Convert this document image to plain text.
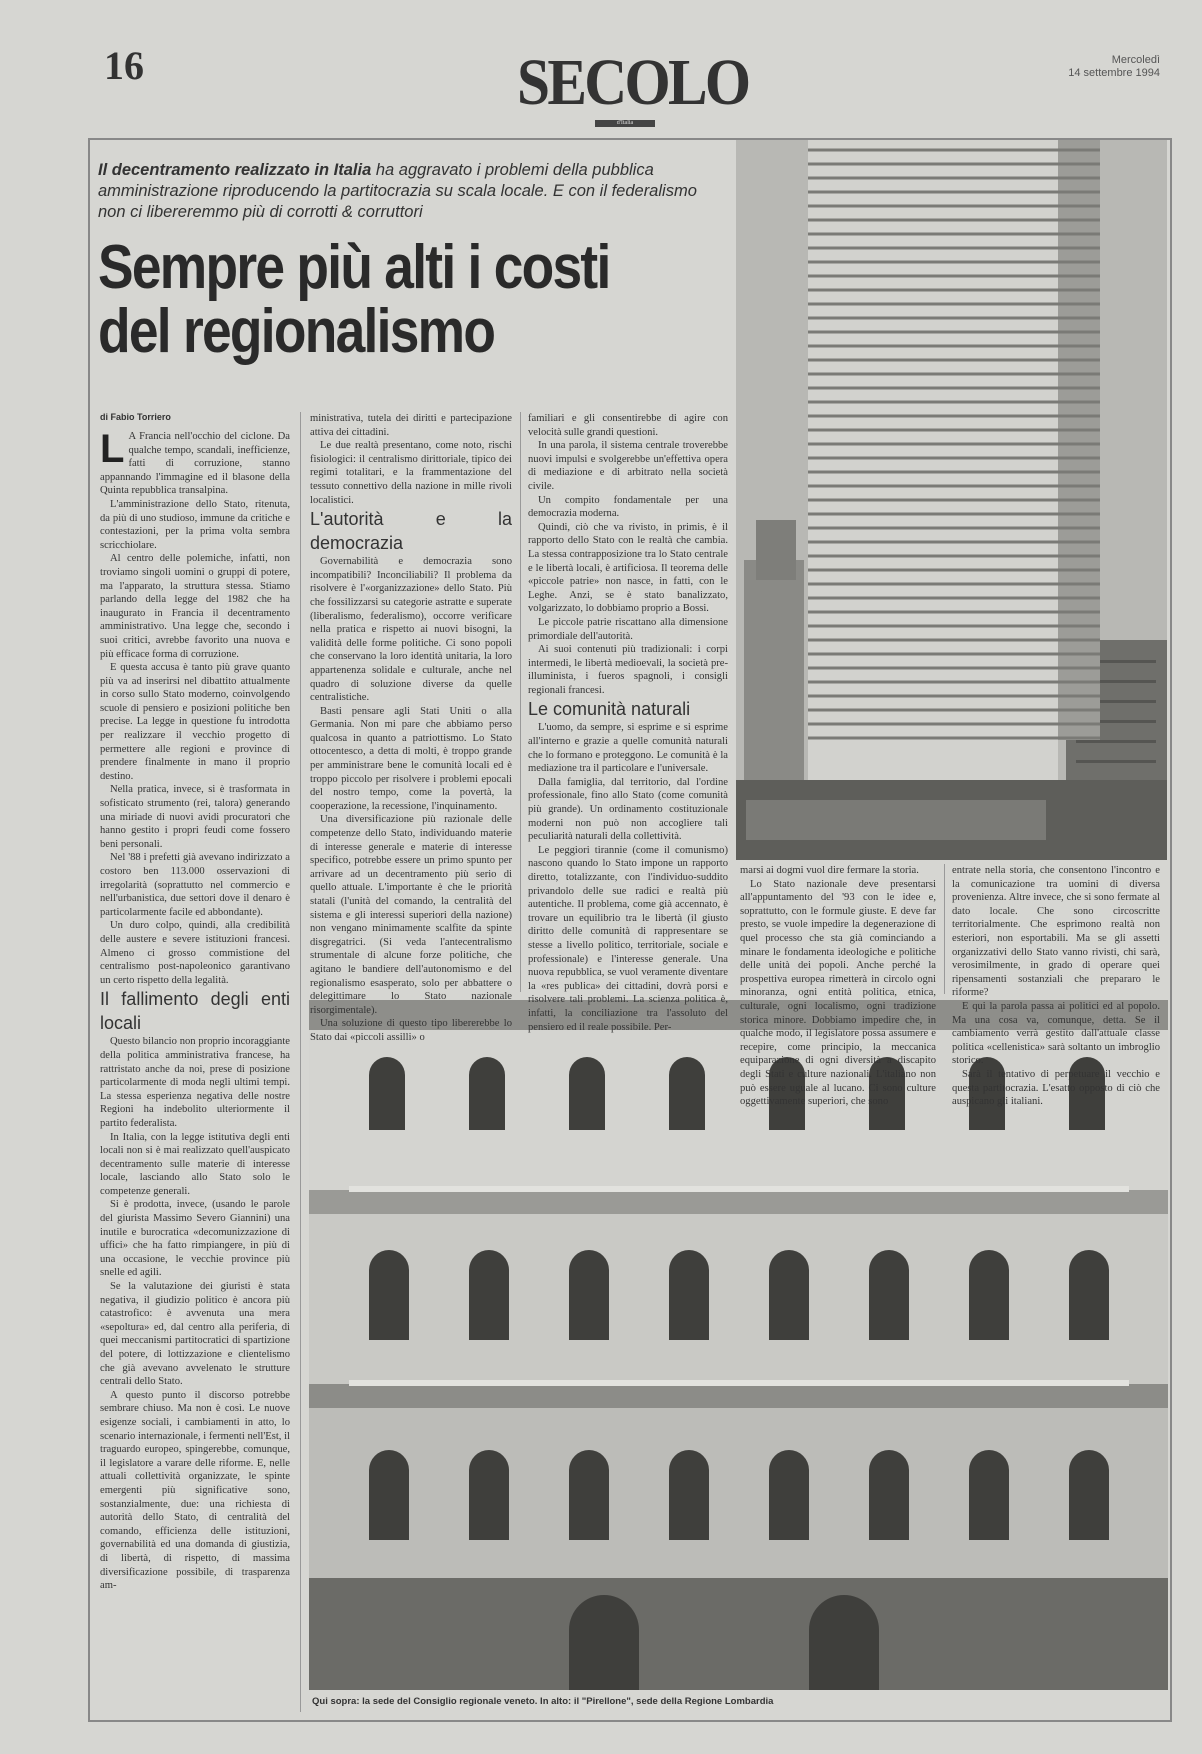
16	SECOLO
d'Italia
Mercoledì
14 settembre 1994
Il decentramento realizzato in Italia ha aggravato i problemi della pubblica amministrazione riproducendo la partitocrazia su scala locale. E con il federalismo non ci libereremmo più di corrotti & corruttori
Sempre più alti i costi del regionalismo
di Fabio Torriero

L A Francia nell'occhio del ciclone. Da qualche tempo, scandali, inefficienze, fatti di corruzione, stanno appannando l'immagine ed il blasone della Quinta repubblica transalpina.

L'amministrazione dello Stato, ritenuta, da più di uno studioso, immune da critiche e contestazioni, per la prima volta sembra scricchiolare.

Al centro delle polemiche, infatti, non troviamo singoli uomini o gruppi di potere, ma l'apparato, la struttura stessa. Stiamo parlando della legge del 1982 che ha inaugurato in Francia il decentramento amministrativo. Una legge che, secondo i suoi critici, avrebbe favorito una nuova e più efficace forma di corruzione.

E questa accusa è tanto più grave quanto più va ad inserirsi nel dibattito attualmente in corso sullo Stato moderno, coinvolgendo scuole di pensiero e posizioni politiche ben precise. La legge in questione fu introdotta per realizzare il vecchio progetto di permettere alle regioni e province di prendere finalmente in mano il proprio destino.

Nella pratica, invece, si è trasformata in sofisticato strumento (rei, talora) generando una miriade di nuovi avidi procuratori che hanno gestito i propri feudi come fossero beni personali.

Nel '88 i prefetti già avevano indirizzato a costoro ben 113.000 osservazioni di irregolarità (soprattutto nel commercio e nell'urbanistica, due settori dove il denaro è particolarmente facile ed abbondante).

Un duro colpo, quindi, alla credibilità delle austere e severe istituzioni francesi. Almeno ci grosso commistione del centralismo post-napoleonico garantivano un certo rispetto della legalità.

Il fallimento degli enti locali

Questo bilancio non proprio incoraggiante della politica amministrativa francese, ha rattristato anche da noi, prese di posizione particolarmente di moda negli ultimi tempi. La stessa esperienza negativa delle nostre Regioni ha indebolito ulteriormente il partito federalista.

In Italia, con la legge istitutiva degli enti locali non si è mai realizzato quell'auspicato decentramento sulle materie di interesse locale, lasciando allo Stato solo le competenze generali.

Si è prodotta, invece, (usando le parole del giurista Massimo Severo Giannini) una inutile e burocratica «decomunizzazione di uffici» che ha fatto rimpiangere, in più di una occasione, le vecchie province più snelle ed agili.

Se la valutazione dei giuristi è stata negativa, il giudizio politico è ancora più catastrofico: è avvenuta una mera «sepoltura» ed, dal centro alla periferia, di quei meccanismi partitocratici di spartizione del potere, di lottizzazione e clientelismo che già avevano avvelenato le strutture centrali dello Stato.

A questo punto il discorso potrebbe sembrare chiuso. Ma non è così. Le nuove esigenze sociali, i cambiamenti in atto, lo scenario internazionale, i fermenti nell'Est, il traguardo europeo, spingerebbe, comunque, il legislatore a varare delle riforme. E, nelle attuali collettività organizzate, le spinte emergenti più significative sono, sostanzialmente, due: una richiesta di autorità dello Stato, di centralità del comando, efficienza delle istituzioni, governabilità ed una domanda di giustizia, di libertà, di rispetto, di massima diversificazione possibile, di trasparenza am-

ministrativa, tutela dei diritti e partecipazione attiva dei cittadini.

Le due realtà presentano, come noto, rischi fisiologici: il centralismo dirittoriale, tipico dei regimi totalitari, e la frammentazione del tessuto connettivo della nazione in mille rivoli localistici.

L'autorità e la democrazia

Governabilità e democrazia sono incompatibili? Inconciliabili? Il problema da risolvere è l'«organizzazione» dello Stato. Più che fossilizzarsi su categorie astratte e superate (liberalismo, federalismo), occorre verificare nella pratica e rispetto ai nuovi bisogni, la validità delle forme politiche. Ci sono popoli che conservano la loro identità unitaria, la loro appartenenza solidale e culturale, anche nel quadro di soluzione diverse da quelle centralistiche.

Basti pensare agli Stati Uniti o alla Germania. Non mi pare che abbiamo perso qualcosa in quanto a patriottismo. Lo Stato ottocentesco, a detta di molti, è troppo grande per amministrare bene le comunità locali ed è troppo piccolo per risolvere i problemi epocali del nostro tempo, come la povertà, la cooperazione, la recessione, l'inquinamento.

Una diversificazione più razionale delle competenze dello Stato, individuando materie di interesse generale e materie di interesse specifico, potrebbe essere un primo spunto per arrivare ad un decentramento più serio di quello attuale. L'importante è che le priorità statali (l'unità del comando, la centralità del sistema e gli interessi superiori della nazione) non vengano minimamente scalfite da spinte disgregatrici. (Si veda l'antecentralismo strumentale di alcune forze politiche, che agitano le bandiere dell'autonomismo e del regionalismo esasperato, solo per abbattere o delegittimare lo Stato nazionale risorgimentale).

Una soluzione di questo tipo libererebbe lo Stato dai «piccoli assilli» o

familiari e gli consentirebbe di agire con velocità sulle grandi questioni.

In una parola, il sistema centrale troverebbe nuovi impulsi e svolgerebbe un'effettiva opera di mediazione e di arbitrato nella società civile.

Un compito fondamentale per una democrazia moderna.

Quindi, ciò che va rivisto, in primis, è il rapporto dello Stato con le realtà che cambia. La stessa contrapposizione tra lo Stato centrale e le libertà locali, è artificiosa. Il teorema delle «piccole patrie» non nasce, in fatti, con le Leghe. Anzi, se è stato banalizzato, volgarizzato, lo dobbiamo proprio a Bossi.

Le piccole patrie riscattano alla dimensione primordiale dell'autorità.

Ai suoi contenuti più tradizionali: i corpi intermedi, le libertà medioevali, la società pre-illuminista, i fueros spagnoli, i consigli regionali francesi.

Le comunità naturali

L'uomo, da sempre, si esprime e si esprime all'interno e grazie a quelle comunità naturali che lo formano e proteggono. Le comunità è la mediazione tra il particolare e l'universale.

Dalla famiglia, dal territorio, dal l'ordine professionale, fino allo Stato (come comunità più grande). Un ordinamento costituzionale moderni non può non accogliere tali peculiarità naturali della collettività.

Le peggiori tirannie (come il comunismo) nascono quando lo Stato impone un rapporto diretto, totalizzante, con l'individuo-suddito privandolo delle sue radici e realtà più autentiche. Il problema, come già accennato, è trovare un equilibrio tra le libertà (il giusto diritto delle comunità di rappresentare se stesse a livello politico, territoriale, sociale e professionale) e l'interesse generale. Una nuova repubblica, se vuol veramente diventare la «res publica» dei cittadini, dovrà porsi e risolvere tali problemi. La scienza politica è, infatti, la conciliazione tra l'assoluto del pensiero ed il reale possibile. Per-

marsi ai dogmi vuol dire fermare la storia.

Lo Stato nazionale deve presentarsi all'appuntamento del '93 con le idee e, soprattutto, con le formule giuste. E deve far presto, se vuole impedire la degenerazione di quel processo che sta già cominciando a minare le fondamenta ideologiche e politiche delle unità dei popoli. Anche perché la prospettiva europea rimetterà in circolo ogni minoranza, ogni entità politica, etnica, culturale, ogni localismo, ogni tradizione storica minore. Dobbiamo impedire che, in qualche modo, il legislatore possa assumere e recepire, come principio, la meccanica equiparazione di ogni diversità a discapito degli Stati e culture nazionali. L'italiano non può essere uguale al lucano. Ci sono culture oggettivamente superiori, che sono

entrate nella storia, che consentono l'incontro e la comunicazione tra uomini di diversa provenienza. Altre invece, che si sono fermate al dato locale. Che sono circoscritte territorialmente. Che esprimono realtà non esteriori, non esportabili. Ma se gli assetti organizzativi dello Stato vanno rivisti, chi sarà, verosimilmente, in grado di operare quei ripensamenti sostanziali che prepararo le riforme?

E qui la parola passa ai politici ed al popolo. Ma una cosa va, comunque, detta. Se il cambiamento verrà gestito dall'attuale classe politica «cellenistica» sarà soltanto un imbroglio storico.

Sarà il tentativo di perpetuare il vecchio e questa partitocrazia. L'esatto opposto di ciò che auspicano gli italiani.

Qui sopra: la sede del Consiglio regionale veneto. In alto: il "Pirellone", sede della Regione Lombardia
